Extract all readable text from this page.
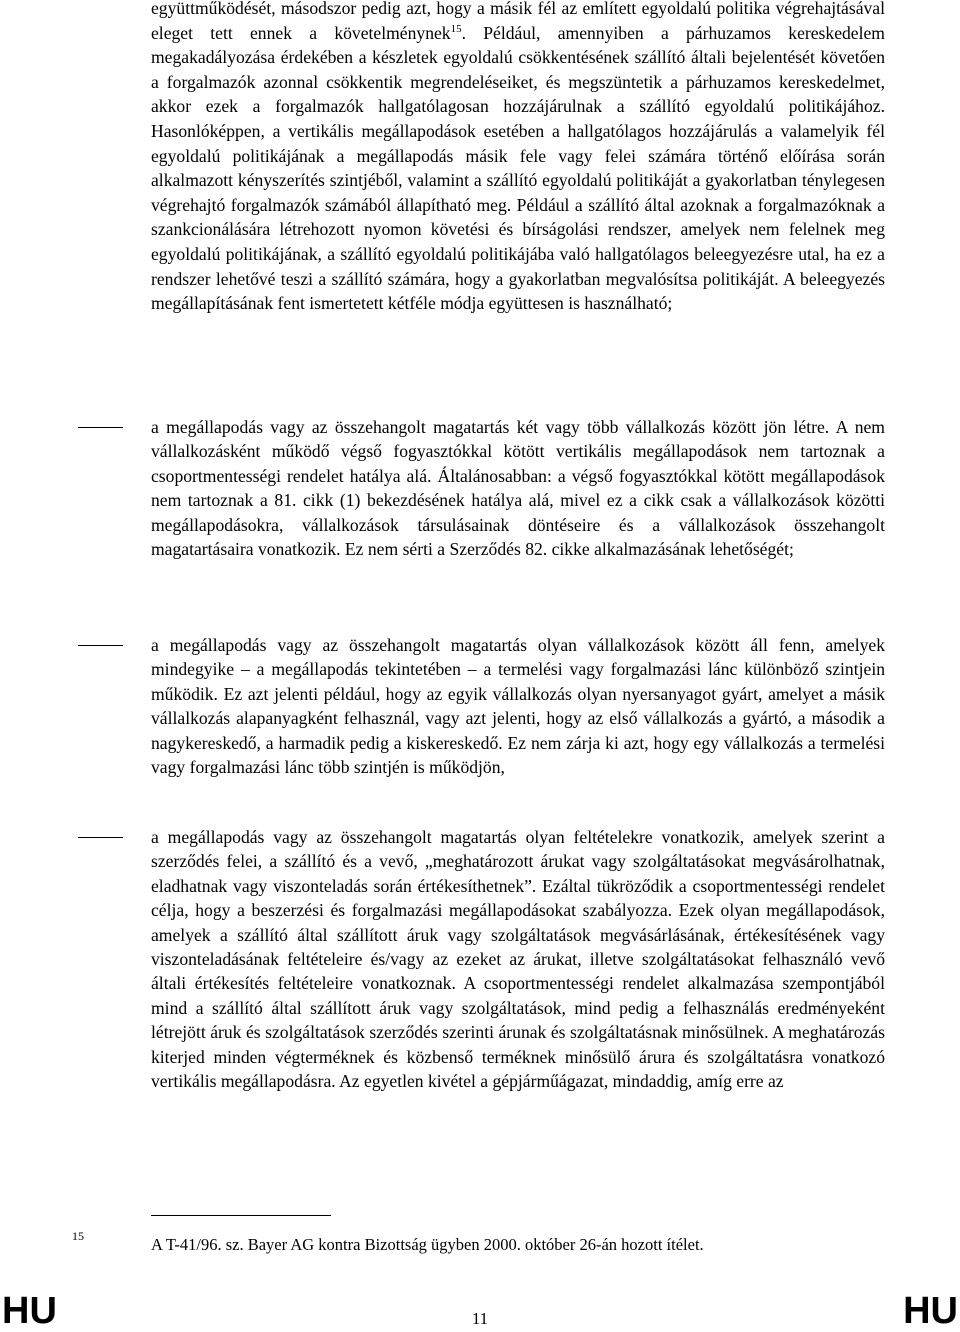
együttműködését, másodszor pedig azt, hogy a másik fél az említett egyoldalú politika végrehajtásával eleget tett ennek a követelménynek$^{15}$. Például, amennyiben a párhuzamos kereskedelem megakadályozása érdekében a készletek egyoldalú csökkentésének szállító általi bejelentését követően a forgalmazók azonnal csökkentik megrendeléseiket, és megszüntetik a párhuzamos kereskedelmet, akkor ezek a forgalmazók hallgatólagosan hozzájárulnak a szállító egyoldalú politikájához. Hasonlóképpen, a vertikális megállapodások esetében a hallgatólagos hozzájárulás a valamelyik fél egyoldalú politikájának a megállapodás másik fele vagy felei számára történő előírása során alkalmazott kényszerítés szintjéből, valamint a szállító egyoldalú politikáját a gyakorlatban ténylegesen végrehajtó forgalmazók számából állapítható meg. Például a szállító által azoknak a forgalmazóknak a szankcionálására létrehozott nyomon követési és bírságolási rendszer, amelyek nem felelnek meg egyoldalú politikájának, a szállító egyoldalú politikájába való hallgatólagos beleegyezésre utal, ha ez a rendszer lehetővé teszi a szállító számára, hogy a gyakorlatban megvalósítsa politikáját. A beleegyezés megállapításának fent ismertetett kétféle módja együttesen is használható;
a megállapodás vagy az összehangolt magatartás két vagy több vállalkozás között jön létre. A nem vállalkozásként működő végső fogyasztókkal kötött vertikális megállapodások nem tartoznak a csoportmentességi rendelet hatálya alá. Általánosabban: a végső fogyasztókkal kötött megállapodások nem tartoznak a 81. cikk (1) bekezdésének hatálya alá, mivel ez a cikk csak a vállalkozások közötti megállapodásokra, vállalkozások társulásainak döntéseire és a vállalkozások összehangolt magatartásaira vonatkozik. Ez nem sérti a Szerződés 82. cikke alkalmazásának lehetőségét;
a megállapodás vagy az összehangolt magatartás olyan vállalkozások között áll fenn, amelyek mindegyike – a megállapodás tekintetében – a termelési vagy forgalmazási lánc különböző szintjein működik. Ez azt jelenti például, hogy az egyik vállalkozás olyan nyersanyagot gyárt, amelyet a másik vállalkozás alapanyagként felhasznál, vagy azt jelenti, hogy az első vállalkozás a gyártó, a második a nagykereskedő, a harmadik pedig a kiskereskedő. Ez nem zárja ki azt, hogy egy vállalkozás a termelési vagy forgalmazási lánc több szintjén is működjön,
a megállapodás vagy az összehangolt magatartás olyan feltételekre vonatkozik, amelyek szerint a szerződés felei, a szállító és a vevő, „meghatározott árukat vagy szolgáltatásokat megvásárolhatnak, eladhatnak vagy viszonteladás során értékesíthetnek”. Ezáltal tükröződik a csoportmentességi rendelet célja, hogy a beszerzési és forgalmazási megállapodásokat szabályozza. Ezek olyan megállapodások, amelyek a szállító által szállított áruk vagy szolgáltatások megvásárlásának, értékesítésének vagy viszonteladásának feltételeire és/vagy az ezeket az árukat, illetve szolgáltatásokat felhasználó vevő általi értékesítés feltételeire vonatkoznak. A csoportmentességi rendelet alkalmazása szempontjából mind a szállító által szállított áruk vagy szolgáltatások, mind pedig a felhasználás eredményeként létrejött áruk és szolgáltatások szerződés szerinti árunak és szolgáltatásnak minősülnek. A meghatározás kiterjed minden végterméknek és közbenső terméknek minősülő árura és szolgáltatásra vonatkozó vertikális megállapodásra. Az egyetlen kivétel a gépjárműágazat, mindaddig, amíg erre az
15	A T-41/96. sz. Bayer AG kontra Bizottság ügyben 2000. október 26-án hozott ítélet.
HU	11	HU
